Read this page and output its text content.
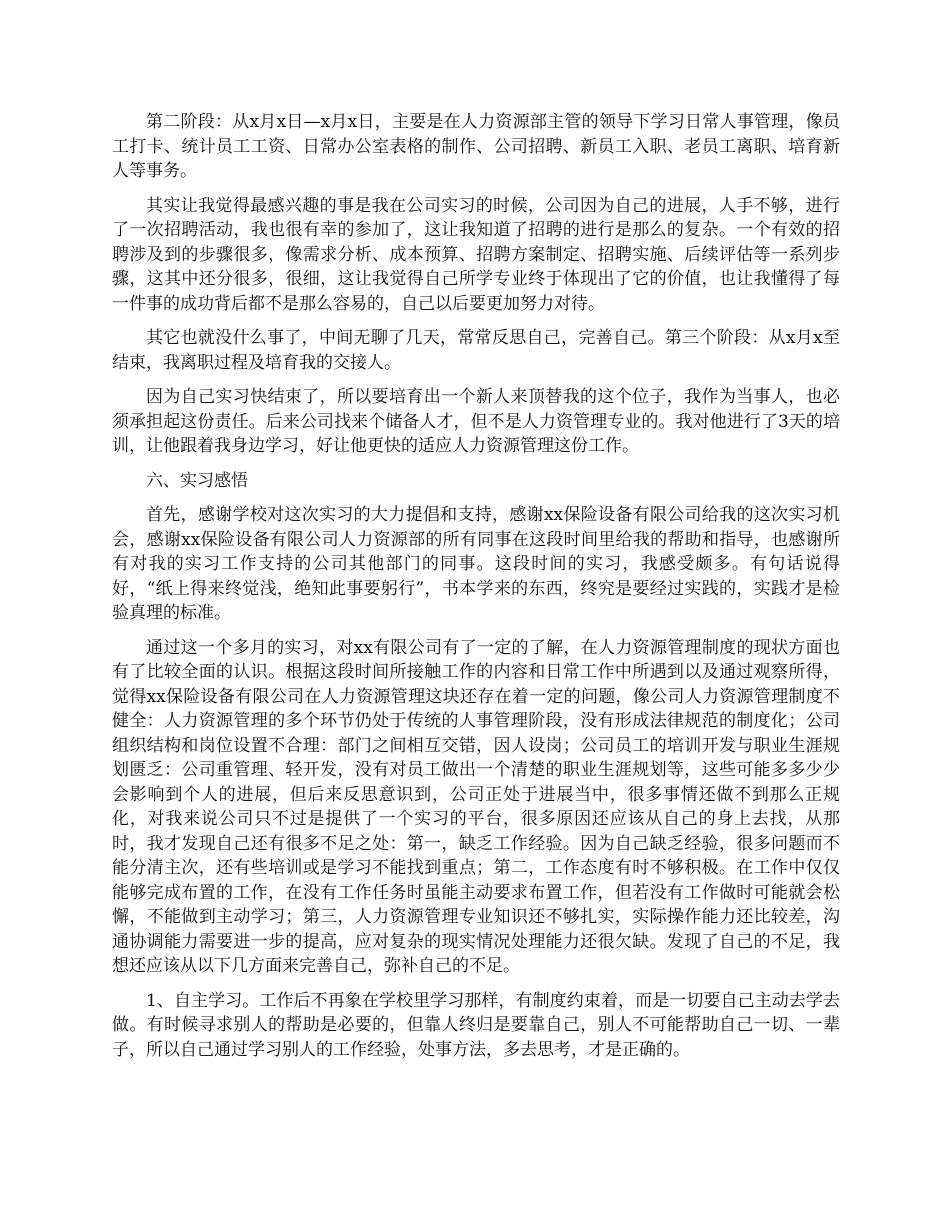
第二阶段：从x月x日—x月x日，主要是在人力资源部主管的领导下学习日常人事管理，像员工打卡、统计员工工资、日常办公室表格的制作、公司招聘、新员工入职、老员工离职、培育新人等事务。

其实让我觉得最感兴趣的事是我在公司实习的时候，公司因为自己的进展，人手不够，进行了一次招聘活动，我也很有幸的参加了，这让我知道了招聘的进行是那么的复杂。一个有效的招聘涉及到的步骤很多，像需求分析、成本预算、招聘方案制定、招聘实施、后续评估等一系列步骤，这其中还分很多，很细，这让我觉得自己所学专业终于体现出了它的价值，也让我懂得了每一件事的成功背后都不是那么容易的，自己以后要更加努力对待。

其它也就没什么事了，中间无聊了几天，常常反思自己，完善自己。第三个阶段：从x月x至结束，我离职过程及培育我的交接人。

因为自己实习快结束了，所以要培育出一个新人来顶替我的这个位子，我作为当事人，也必须承担起这份责任。后来公司找来个储备人才，但不是人力资管理专业的。我对他进行了3天的培训，让他跟着我身边学习，好让他更快的适应人力资源管理这份工作。

六、实习感悟

首先，感谢学校对这次实习的大力提倡和支持，感谢xx保险设备有限公司给我的这次实习机会，感谢xx保险设备有限公司人力资源部的所有同事在这段时间里给我的帮助和指导，也感谢所有对我的实习工作支持的公司其他部门的同事。这段时间的实习，我感受颇多。有句话说得好，“纸上得来终觉浅，绝知此事要躬行”，书本学来的东西，终究是要经过实践的，实践才是检验真理的标准。

通过这一个多月的实习，对xx有限公司有了一定的了解，在人力资源管理制度的现状方面也有了比较全面的认识。根据这段时间所接触工作的内容和日常工作中所遇到以及通过观察所得，觉得xx保险设备有限公司在人力资源管理这块还存在着一定的问题，像公司人力资源管理制度不健全：人力资源管理的多个环节仍处于传统的人事管理阶段，没有形成法律规范的制度化；公司组织结构和岗位设置不合理：部门之间相互交错，因人设岗；公司员工的培训开发与职业生涯规划匮乏：公司重管理、轻开发，没有对员工做出一个清楚的职业生涯规划等，这些可能多多少少会影响到个人的进展，但后来反思意识到，公司正处于进展当中，很多事情还做不到那么正规化，对我来说公司只不过是提供了一个实习的平台，很多原因还应该从自己的身上去找，从那时，我才发现自己还有很多不足之处：第一，缺乏工作经验。因为自己缺乏经验，很多问题而不能分清主次，还有些培训或是学习不能找到重点；第二，工作态度有时不够积极。在工作中仅仅能够完成布置的工作，在没有工作任务时虽能主动要求布置工作，但若没有工作做时可能就会松懈，不能做到主动学习；第三，人力资源管理专业知识还不够扎实，实际操作能力还比较差，沟通协调能力需要进一步的提高，应对复杂的现实情况处理能力还很欠缺。发现了自己的不足，我想还应该从以下几方面来完善自己，弥补自己的不足。

1、自主学习。工作后不再象在学校里学习那样，有制度约束着，而是一切要自己主动去学去做。有时候寻求别人的帮助是必要的，但靠人终归是要靠自己，别人不可能帮助自己一切、一辈子，所以自己通过学习别人的工作经验，处事方法，多去思考，才是正确的。
